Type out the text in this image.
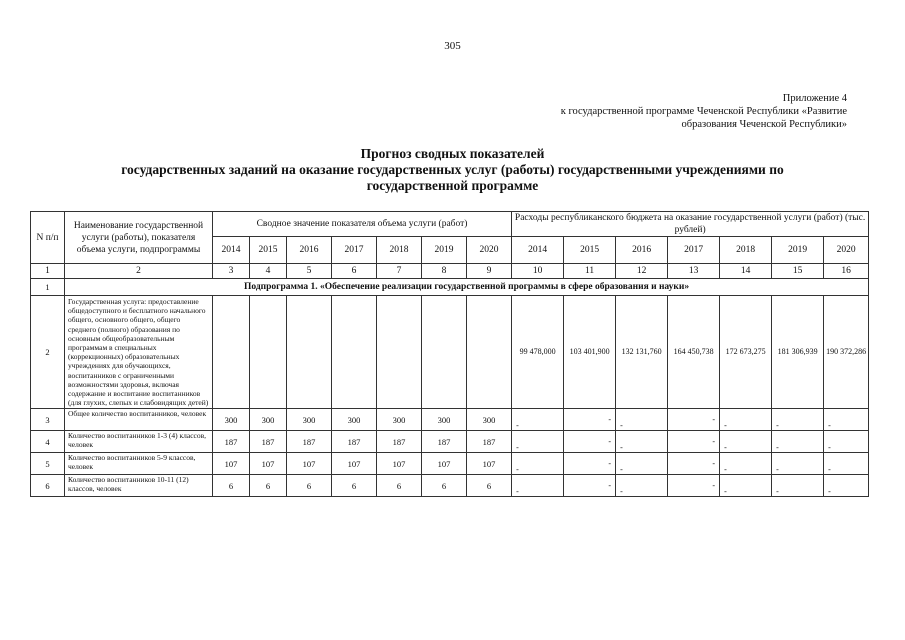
305
Приложение 4
к государственной программе Чеченской Республики «Развитие
образования Чеченской Республики»
Прогноз сводных показателей
государственных заданий на оказание государственных услуг (работы) государственными учреждениями по
государственной программе
N п/п	Наименование государственной услуги (работы), показателя объема услуги, подпрограммы	Сводное значение показателя объема услуги (работ)							Расходы республиканского бюджета на оказание государственной услуги (работ) (тыс. рублей)						
		2014	2015	2016	2017	2018	2019	2020	2014	2015	2016	2017	2018	2019	2020
1	2	3	4	5	6	7	8	9	10	11	12	13	14	15	16
1	Подпрограмма 1. «Обеспечение реализации государственной программы в сфере образования и науки»														
2	Государственная услуга: предоставление общедоступного и бесплатного начального общего, основного общего, общего среднего (полного) образования по основным общеобразовательным программам в специальных (коррекционных) образовательных учреждениях для обучающихся, воспитанников с ограниченными возможностями здоровья, включая содержание и воспитание воспитанников (для глухих, слепых и слабовидящих детей)								99 478,000	103 401,900	132 131,760	164 450,738	172 673,275	181 306,939	190 372,286
3	Общее количество воспитанников, человек	300	300	300	300	300	300	300	-	-	-	-	-	-	-
4	Количество воспитанников 1-3 (4) классов, человек	187	187	187	187	187	187	187	-	-	-	-	-	-	-
5	Количество воспитанников 5-9 классов, человек	107	107	107	107	107	107	107	-	-	-	-	-	-	-
6	Количество воспитанников 10-11 (12) классов, человек	6	6	6	6	6	6	6	-	-	-	-	-	-	-
